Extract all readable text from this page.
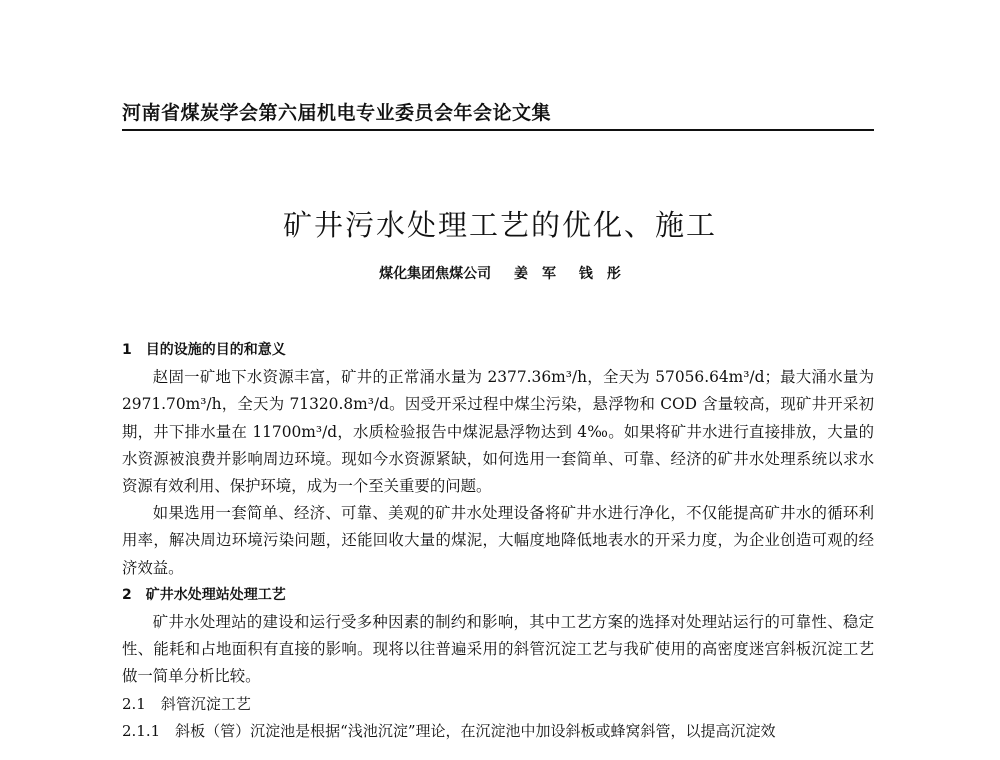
河南省煤炭学会第六届机电专业委员会年会论文集
矿井污水处理工艺的优化、施工
煤化集团焦煤公司 姜　军 钱　彤

1　目的设施的目的和意义

赵固一矿地下水资源丰富，矿井的正常涌水量为 2377.36m³/h，全天为 57056.64m³/d；最大涌水量为 2971.70m³/h，全天为 71320.8m³/d。因受开采过程中煤尘污染，悬浮物和 COD 含量较高，现矿井开采初期，井下排水量在 11700m³/d，水质检验报告中煤泥悬浮物达到 4‰。如果将矿井水进行直接排放，大量的水资源被浪费并影响周边环境。现如今水资源紧缺，如何选用一套简单、可靠、经济的矿井水处理系统以求水资源有效利用、保护环境，成为一个至关重要的问题。

如果选用一套简单、经济、可靠、美观的矿井水处理设备将矿井水进行净化，不仅能提高矿井水的循环利用率，解决周边环境污染问题，还能回收大量的煤泥，大幅度地降低地表水的开采力度，为企业创造可观的经济效益。

2　矿井水处理站处理工艺

矿井水处理站的建设和运行受多种因素的制约和影响，其中工艺方案的选择对处理站运行的可靠性、稳定性、能耗和占地面积有直接的影响。现将以往普遍采用的斜管沉淀工艺与我矿使用的高密度迷宫斜板沉淀工艺做一简单分析比较。

2.1　斜管沉淀工艺

2.1.1　斜板（管）沉淀池是根据“浅池沉淀”理论，在沉淀池中加设斜板或蜂窝斜管，以提高沉淀效
